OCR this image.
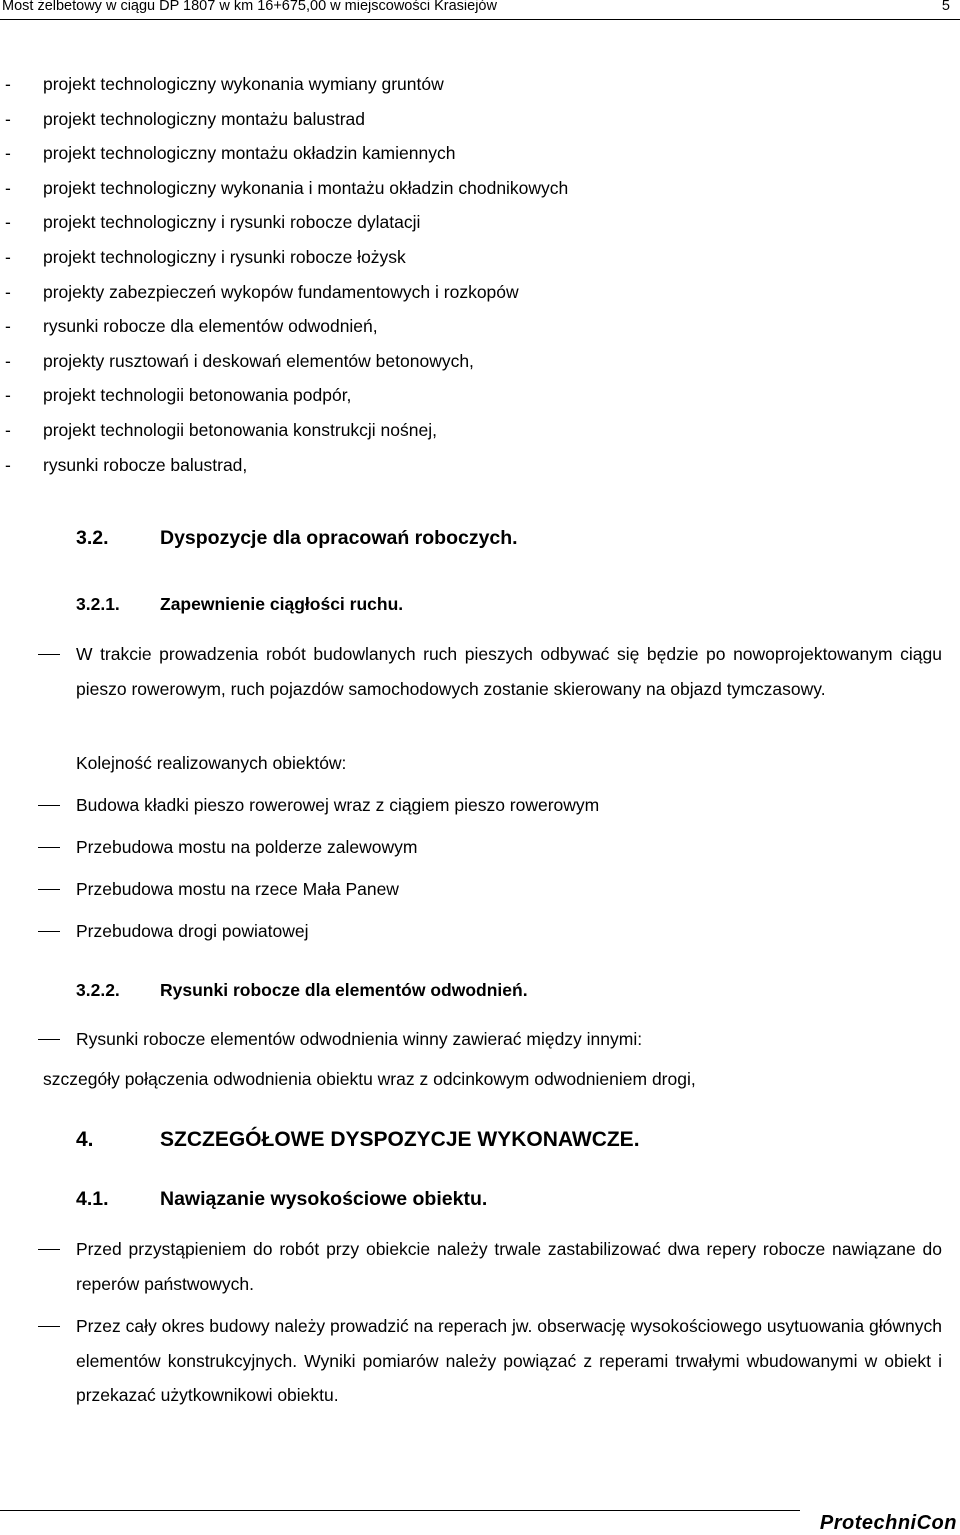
Most żelbetowy w ciągu DP 1807 w km 16+675,00 w miejscowości Krasiejów	5
- projekt technologiczny wykonania wymiany gruntów
- projekt technologiczny montażu balustrad
- projekt technologiczny montażu okładzin kamiennych
- projekt technologiczny wykonania i montażu okładzin chodnikowych
- projekt technologiczny i rysunki robocze dylatacji
- projekt technologiczny i rysunki robocze łożysk
- projekty zabezpieczeń wykopów fundamentowych i rozkopów
- rysunki robocze dla elementów odwodnień,
- projekty rusztowań i deskowań elementów betonowych,
- projekt technologii betonowania podpór,
- projekt technologii betonowania konstrukcji nośnej,
- rysunki robocze balustrad,
3.2.	Dyspozycje dla opracowań roboczych.
3.2.1. Zapewnienie ciągłości ruchu.
W trakcie prowadzenia robót budowlanych ruch pieszych odbywać się będzie po nowoprojektowanym ciągu pieszo rowerowym, ruch pojazdów samochodowych zostanie skierowany na objazd tymczasowy.
Kolejność realizowanych obiektów:
Budowa kładki pieszo rowerowej wraz z ciągiem pieszo rowerowym
Przebudowa mostu na polderze zalewowym
Przebudowa mostu na rzece Mała Panew
Przebudowa drogi powiatowej
3.2.2. Rysunki robocze dla elementów odwodnień.
Rysunki robocze elementów odwodnienia winny zawierać między innymi:
szczegóły połączenia odwodnienia obiektu wraz z odcinkowym odwodnieniem drogi,
4.	SZCZEGÓŁOWE DYSPOZYCJE WYKONAWCZE.
4.1.	Nawiązanie wysokościowe obiektu.
Przed przystąpieniem do robót przy obiekcie należy trwale zastabilizować dwa repery robocze nawiązane do reperów państwowych.
Przez cały okres budowy należy prowadzić na reperach jw. obserwację wysokościowego usytuowania głównych elementów konstrukcyjnych. Wyniki pomiarów należy powiązać z reperami trwałymi wbudowanymi w obiekt i przekazać użytkownikowi obiektu.
ProtechniCon
